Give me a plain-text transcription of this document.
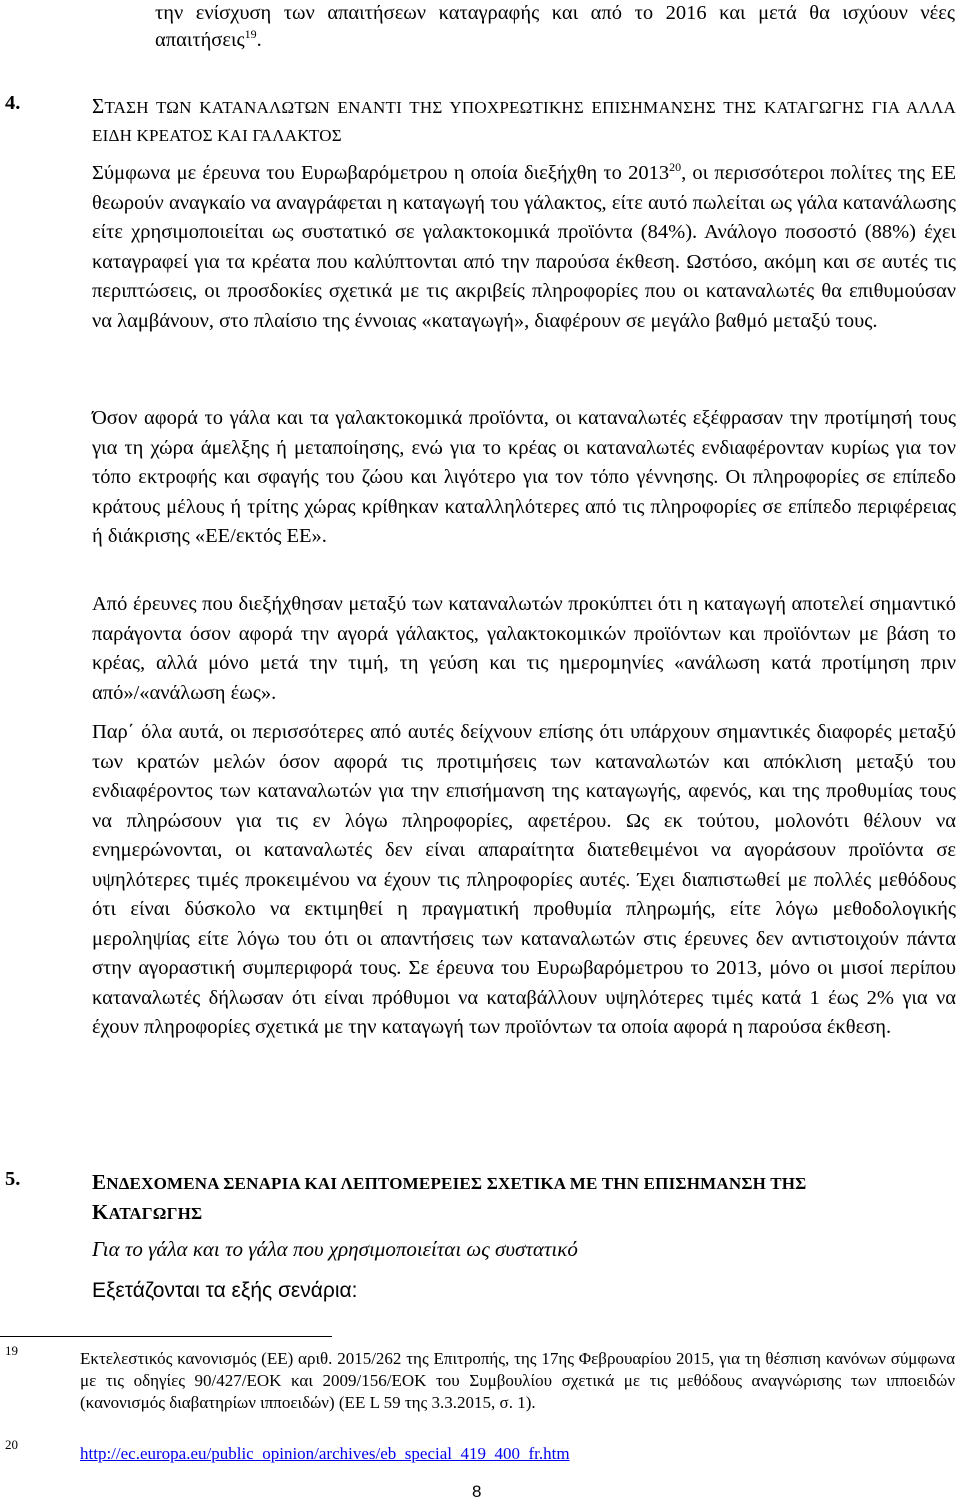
την ενίσχυση των απαιτήσεων καταγραφής και από το 2016 και μετά θα ισχύουν νέες απαιτήσεις$^{19}$.

4.	ΣΤΑΣΗ ΤΩΝ ΚΑΤΑΝΑΛΩΤΩΝ ΕΝΑΝΤΙ ΤΗΣ ΥΠΟΧΡΕΩΤΙΚΗΣ ΕΠΙΣΗΜΑΝΣΗΣ ΤΗΣ ΚΑΤΑΓΩΓΗΣ ΓΙΑ ΑΛΛΑ ΕΙΔΗ ΚΡΕΑΤΟΣ ΚΑΙ ΓΑΛΑΚΤΟΣ

Σύμφωνα με έρευνα του Ευρωβαρόμετρου η οποία διεξήχθη το 2013$^{20}$, οι περισσότεροι πολίτες της ΕΕ θεωρούν αναγκαίο να αναγράφεται η καταγωγή του γάλακτος, είτε αυτό πωλείται ως γάλα κατανάλωσης είτε χρησιμοποιείται ως συστατικό σε γαλακτοκομικά προϊόντα (84%). Ανάλογο ποσοστό (88%) έχει καταγραφεί για τα κρέατα που καλύπτονται από την παρούσα έκθεση. Ωστόσο, ακόμη και σε αυτές τις περιπτώσεις, οι προσδοκίες σχετικά με τις ακριβείς πληροφορίες που οι καταναλωτές θα επιθυμούσαν να λαμβάνουν, στο πλαίσιο της έννοιας «καταγωγή», διαφέρουν σε μεγάλο βαθμό μεταξύ τους.

Όσον αφορά το γάλα και τα γαλακτοκομικά προϊόντα, οι καταναλωτές εξέφρασαν την προτίμησή τους για τη χώρα άμελξης ή μεταποίησης, ενώ για το κρέας οι καταναλωτές ενδιαφέρονταν κυρίως για τον τόπο εκτροφής και σφαγής του ζώου και λιγότερο για τον τόπο γέννησης. Οι πληροφορίες σε επίπεδο κράτους μέλους ή τρίτης χώρας κρίθηκαν καταλληλότερες από τις πληροφορίες σε επίπεδο περιφέρειας ή διάκρισης «ΕΕ/εκτός ΕΕ».

Από έρευνες που διεξήχθησαν μεταξύ των καταναλωτών προκύπτει ότι η καταγωγή αποτελεί σημαντικό παράγοντα όσον αφορά την αγορά γάλακτος, γαλακτοκομικών προϊόντων και προϊόντων με βάση το κρέας, αλλά μόνο μετά την τιμή, τη γεύση και τις ημερομηνίες «ανάλωση κατά προτίμηση πριν από»/«ανάλωση έως».

Παρ΄ όλα αυτά, οι περισσότερες από αυτές δείχνουν επίσης ότι υπάρχουν σημαντικές διαφορές μεταξύ των κρατών μελών όσον αφορά τις προτιμήσεις των καταναλωτών και απόκλιση μεταξύ του ενδιαφέροντος των καταναλωτών για την επισήμανση της καταγωγής, αφενός, και της προθυμίας τους να πληρώσουν για τις εν λόγω πληροφορίες, αφετέρου. Ως εκ τούτου, μολονότι θέλουν να ενημερώνονται, οι καταναλωτές δεν είναι απαραίτητα διατεθειμένοι να αγοράσουν προϊόντα σε υψηλότερες τιμές προκειμένου να έχουν τις πληροφορίες αυτές. Έχει διαπιστωθεί με πολλές μεθόδους ότι είναι δύσκολο να εκτιμηθεί η πραγματική προθυμία πληρωμής, είτε λόγω μεθοδολογικής μεροληψίας είτε λόγω του ότι οι απαντήσεις των καταναλωτών στις έρευνες δεν αντιστοιχούν πάντα στην αγοραστική συμπεριφορά τους. Σε έρευνα του Ευρωβαρόμετρου το 2013, μόνο οι μισοί περίπου καταναλωτές δήλωσαν ότι είναι πρόθυμοι να καταβάλλουν υψηλότερες τιμές κατά 1 έως 2% για να έχουν πληροφορίες σχετικά με την καταγωγή των προϊόντων τα οποία αφορά η παρούσα έκθεση.

5.	ΕΝΔΕΧΟΜΕΝΑ ΣΕΝΑΡΙΑ ΚΑΙ ΛΕΠΤΟΜΕΡΕΙΕΣ ΣΧΕΤΙΚΑ ΜΕ ΤΗΝ ΕΠΙΣΗΜΑΝΣΗ ΤΗΣ
ΚΑΤΑΓΩΓΗΣ
Για το γάλα και το γάλα που χρησιμοποιείται ως συστατικό
Εξετάζονται τα εξής σενάρια:
19	Εκτελεστικός κανονισμός (ΕΕ) αριθ. 2015/262 της Επιτροπής, της 17ης Φεβρουαρίου 2015, για τη θέσπιση κανόνων σύμφωνα με τις οδηγίες 90/427/ΕΟΚ και 2009/156/ΕΟΚ του Συμβουλίου σχετικά με τις μεθόδους αναγνώρισης των ιπποειδών (κανονισμός διαβατηρίων ιπποειδών) (ΕΕ L 59 της 3.3.2015, σ. 1).

20	http://ec.europa.eu/public_opinion/archives/eb_special_419_400_fr.htm
8
